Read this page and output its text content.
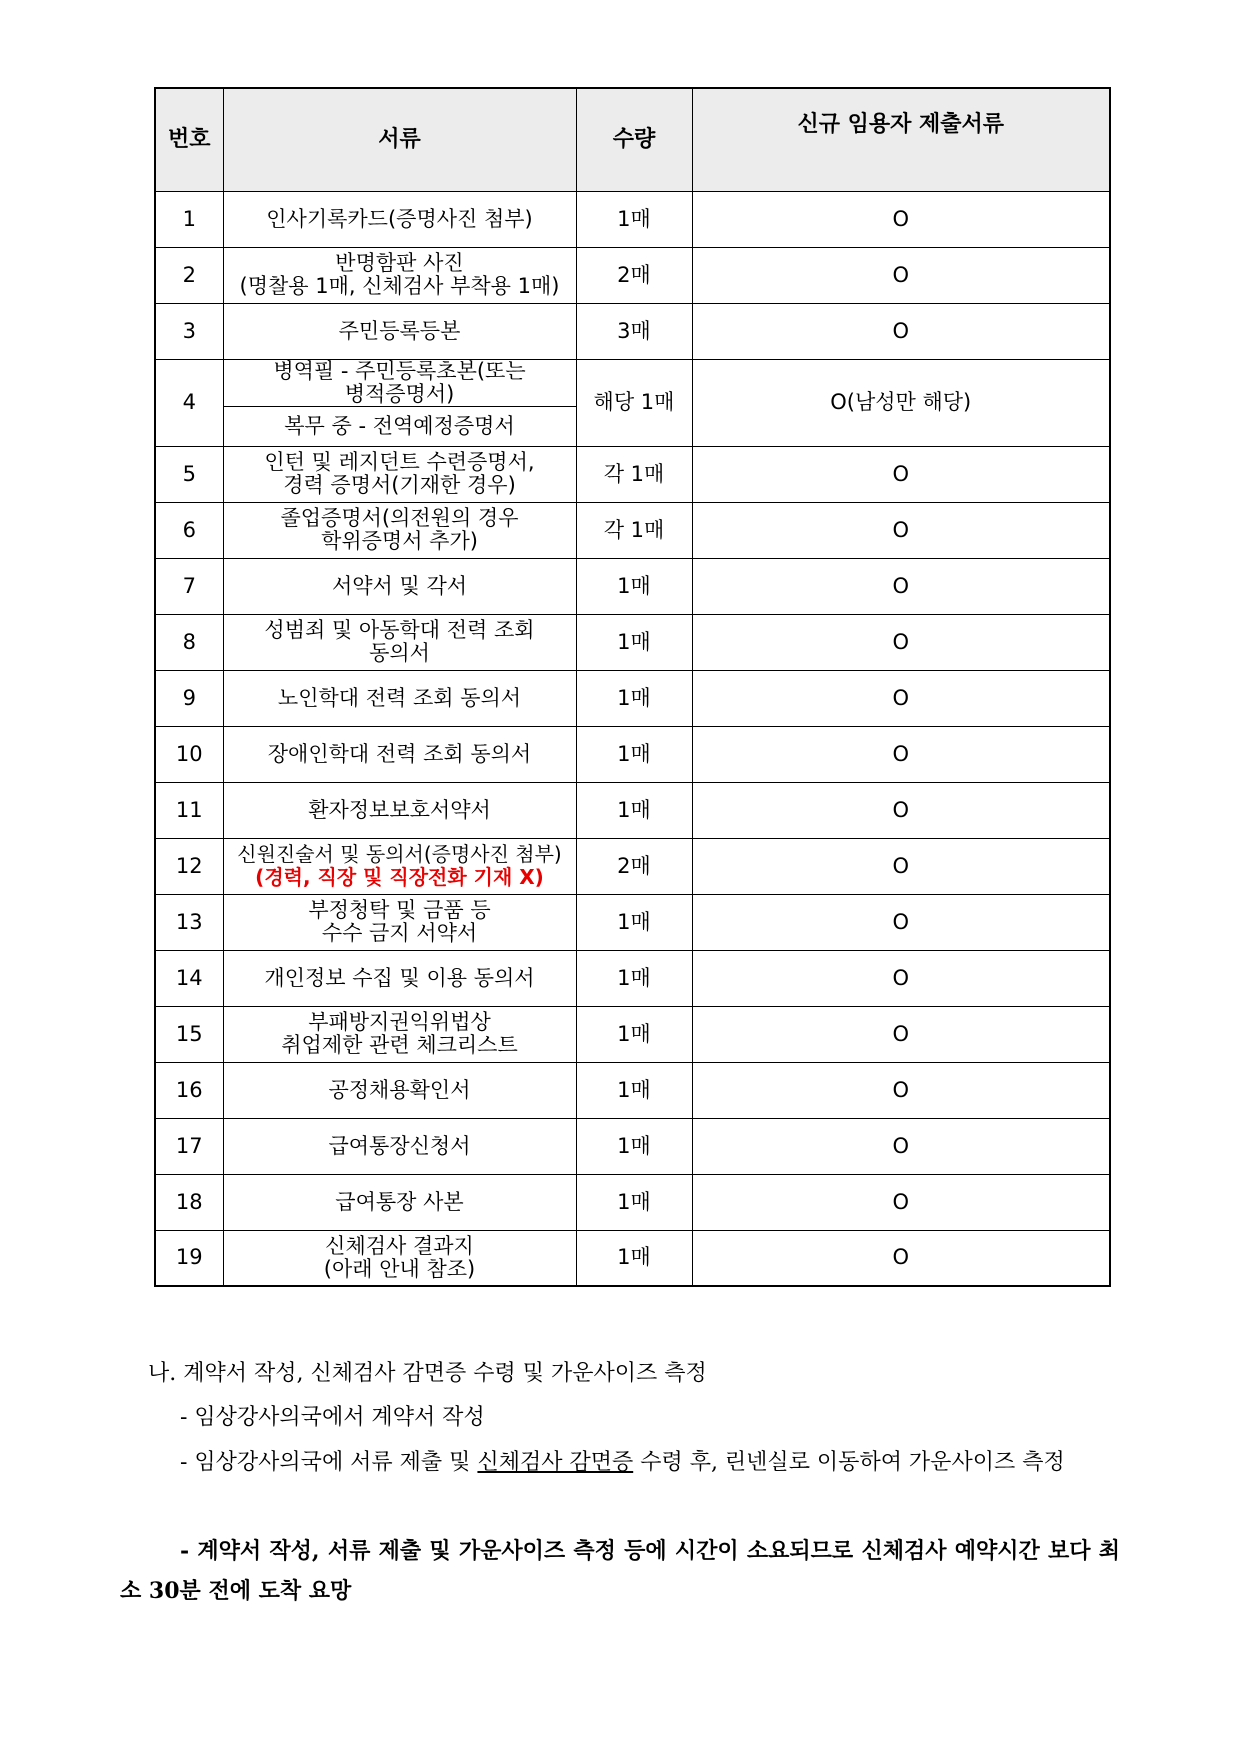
번호	서류	수량	신규 임용자 제출서류
1	인사기록카드(증명사진 첨부)	1매	O
2	반명함판 사진
(명찰용 1매, 신체검사 부착용 1매)	2매	O
3	주민등록등본	3매	O
4	병역필 - 주민등록초본(또는
병적증명서)	해당 1매	O(남성만 해당)
	복무 중 - 전역예정증명서		
5	인턴 및 레지던트 수련증명서,
경력 증명서(기재한 경우)	각 1매	O
6	졸업증명서(의전원의 경우
학위증명서 추가)	각 1매	O
7	서약서 및 각서	1매	O
8	성범죄 및 아동학대 전력 조회
동의서	1매	O
9	노인학대 전력 조회 동의서	1매	O
10	장애인학대 전력 조회 동의서	1매	O
11	환자정보보호서약서	1매	O
12	신원진술서 및 동의서(증명사진 첨부)
(경력, 직장 및 직장전화 기재 X)	2매	O
13	부정청탁 및 금품 등
수수 금지 서약서	1매	O
14	개인정보 수집 및 이용 동의서	1매	O
15	부패방지권익위법상
취업제한 관련 체크리스트	1매	O
16	공정채용확인서	1매	O
17	급여통장신청서	1매	O
18	급여통장 사본	1매	O
19	신체검사 결과지
(아래 안내 참조)	1매	O
나. 계약서 작성, 신체검사 감면증 수령 및 가운사이즈 측정
- 임상강사의국에서 계약서 작성
- 임상강사의국에 서류 제출 및 신체검사 감면증 수령 후, 린넨실로 이동하여 가운사이즈 측정
- 계약서 작성, 서류 제출 및 가운사이즈 측정 등에 시간이 소요되므로 신체검사 예약시간 보다 최소 30분 전에 도착 요망
